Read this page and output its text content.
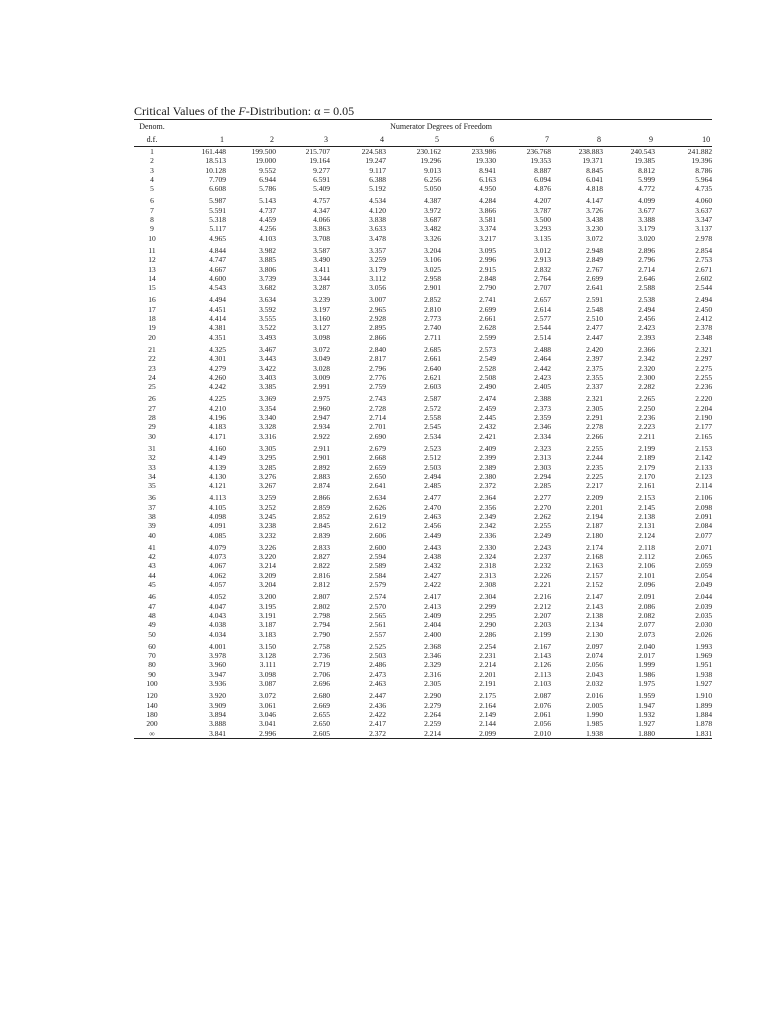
Critical Values of the F-Distribution: α = 0.05
Denom.	Numerator Degrees of Freedom									
d.f.	1	2	3	4	5	6	7	8	9	10
1	161.448	199.500	215.707	224.583	230.162	233.986	236.768	238.883	240.543	241.882
2	18.513	19.000	19.164	19.247	19.296	19.330	19.353	19.371	19.385	19.396
3	10.128	9.552	9.277	9.117	9.013	8.941	8.887	8.845	8.812	8.786
4	7.709	6.944	6.591	6.388	6.256	6.163	6.094	6.041	5.999	5.964
5	6.608	5.786	5.409	5.192	5.050	4.950	4.876	4.818	4.772	4.735
6	5.987	5.143	4.757	4.534	4.387	4.284	4.207	4.147	4.099	4.060
7	5.591	4.737	4.347	4.120	3.972	3.866	3.787	3.726	3.677	3.637
8	5.318	4.459	4.066	3.838	3.687	3.581	3.500	3.438	3.388	3.347
9	5.117	4.256	3.863	3.633	3.482	3.374	3.293	3.230	3.179	3.137
10	4.965	4.103	3.708	3.478	3.326	3.217	3.135	3.072	3.020	2.978
11	4.844	3.982	3.587	3.357	3.204	3.095	3.012	2.948	2.896	2.854
12	4.747	3.885	3.490	3.259	3.106	2.996	2.913	2.849	2.796	2.753
13	4.667	3.806	3.411	3.179	3.025	2.915	2.832	2.767	2.714	2.671
14	4.600	3.739	3.344	3.112	2.958	2.848	2.764	2.699	2.646	2.602
15	4.543	3.682	3.287	3.056	2.901	2.790	2.707	2.641	2.588	2.544
16	4.494	3.634	3.239	3.007	2.852	2.741	2.657	2.591	2.538	2.494
17	4.451	3.592	3.197	2.965	2.810	2.699	2.614	2.548	2.494	2.450
18	4.414	3.555	3.160	2.928	2.773	2.661	2.577	2.510	2.456	2.412
19	4.381	3.522	3.127	2.895	2.740	2.628	2.544	2.477	2.423	2.378
20	4.351	3.493	3.098	2.866	2.711	2.599	2.514	2.447	2.393	2.348
21	4.325	3.467	3.072	2.840	2.685	2.573	2.488	2.420	2.366	2.321
22	4.301	3.443	3.049	2.817	2.661	2.549	2.464	2.397	2.342	2.297
23	4.279	3.422	3.028	2.796	2.640	2.528	2.442	2.375	2.320	2.275
24	4.260	3.403	3.009	2.776	2.621	2.508	2.423	2.355	2.300	2.255
25	4.242	3.385	2.991	2.759	2.603	2.490	2.405	2.337	2.282	2.236
26	4.225	3.369	2.975	2.743	2.587	2.474	2.388	2.321	2.265	2.220
27	4.210	3.354	2.960	2.728	2.572	2.459	2.373	2.305	2.250	2.204
28	4.196	3.340	2.947	2.714	2.558	2.445	2.359	2.291	2.236	2.190
29	4.183	3.328	2.934	2.701	2.545	2.432	2.346	2.278	2.223	2.177
30	4.171	3.316	2.922	2.690	2.534	2.421	2.334	2.266	2.211	2.165
31	4.160	3.305	2.911	2.679	2.523	2.409	2.323	2.255	2.199	2.153
32	4.149	3.295	2.901	2.668	2.512	2.399	2.313	2.244	2.189	2.142
33	4.139	3.285	2.892	2.659	2.503	2.389	2.303	2.235	2.179	2.133
34	4.130	3.276	2.883	2.650	2.494	2.380	2.294	2.225	2.170	2.123
35	4.121	3.267	2.874	2.641	2.485	2.372	2.285	2.217	2.161	2.114
36	4.113	3.259	2.866	2.634	2.477	2.364	2.277	2.209	2.153	2.106
37	4.105	3.252	2.859	2.626	2.470	2.356	2.270	2.201	2.145	2.098
38	4.098	3.245	2.852	2.619	2.463	2.349	2.262	2.194	2.138	2.091
39	4.091	3.238	2.845	2.612	2.456	2.342	2.255	2.187	2.131	2.084
40	4.085	3.232	2.839	2.606	2.449	2.336	2.249	2.180	2.124	2.077
41	4.079	3.226	2.833	2.600	2.443	2.330	2.243	2.174	2.118	2.071
42	4.073	3.220	2.827	2.594	2.438	2.324	2.237	2.168	2.112	2.065
43	4.067	3.214	2.822	2.589	2.432	2.318	2.232	2.163	2.106	2.059
44	4.062	3.209	2.816	2.584	2.427	2.313	2.226	2.157	2.101	2.054
45	4.057	3.204	2.812	2.579	2.422	2.308	2.221	2.152	2.096	2.049
46	4.052	3.200	2.807	2.574	2.417	2.304	2.216	2.147	2.091	2.044
47	4.047	3.195	2.802	2.570	2.413	2.299	2.212	2.143	2.086	2.039
48	4.043	3.191	2.798	2.565	2.409	2.295	2.207	2.138	2.082	2.035
49	4.038	3.187	2.794	2.561	2.404	2.290	2.203	2.134	2.077	2.030
50	4.034	3.183	2.790	2.557	2.400	2.286	2.199	2.130	2.073	2.026
60	4.001	3.150	2.758	2.525	2.368	2.254	2.167	2.097	2.040	1.993
70	3.978	3.128	2.736	2.503	2.346	2.231	2.143	2.074	2.017	1.969
80	3.960	3.111	2.719	2.486	2.329	2.214	2.126	2.056	1.999	1.951
90	3.947	3.098	2.706	2.473	2.316	2.201	2.113	2.043	1.986	1.938
100	3.936	3.087	2.696	2.463	2.305	2.191	2.103	2.032	1.975	1.927
120	3.920	3.072	2.680	2.447	2.290	2.175	2.087	2.016	1.959	1.910
140	3.909	3.061	2.669	2.436	2.279	2.164	2.076	2.005	1.947	1.899
180	3.894	3.046	2.655	2.422	2.264	2.149	2.061	1.990	1.932	1.884
200	3.888	3.041	2.650	2.417	2.259	2.144	2.056	1.985	1.927	1.878
∞	3.841	2.996	2.605	2.372	2.214	2.099	2.010	1.938	1.880	1.831
